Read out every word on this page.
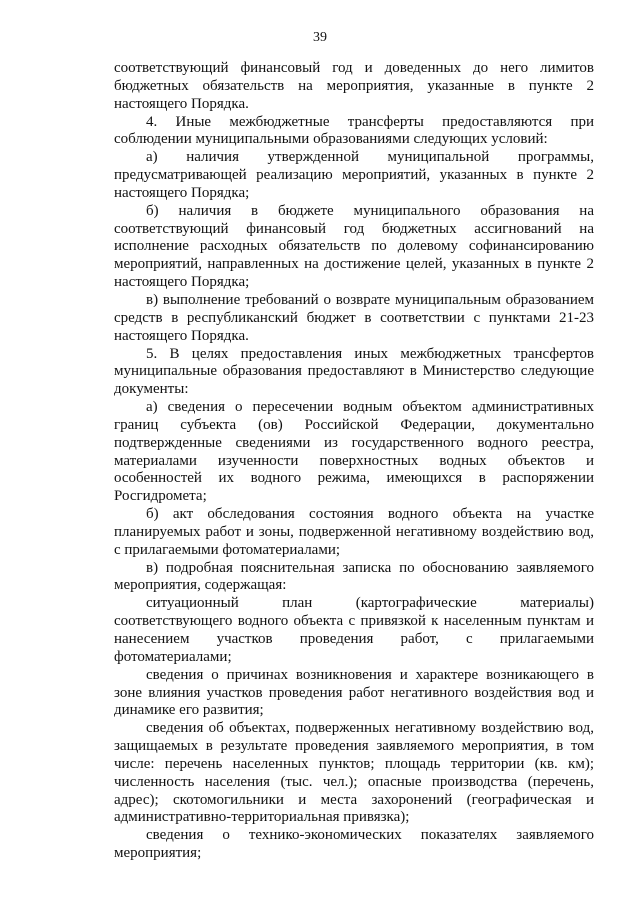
39

соответствующий финансовый год и доведенных до него лимитов бюджетных обязательств на мероприятия, указанные в пункте 2 настоящего Порядка.

4. Иные межбюджетные трансферты предоставляются при соблюдении муниципальными образованиями следующих условий:

а) наличия утвержденной муниципальной программы, предусматривающей реализацию мероприятий, указанных в пункте 2 настоящего Порядка;

б) наличия в бюджете муниципального образования на соответствующий финансовый год бюджетных ассигнований на исполнение расходных обязательств по долевому софинансированию мероприятий, направленных на достижение целей, указанных в пункте 2 настоящего Порядка;

в) выполнение требований о возврате муниципальным образованием средств в республиканский бюджет в соответствии с пунктами 21-23 настоящего Порядка.

5. В целях предоставления иных межбюджетных трансфертов муниципальные образования предоставляют в Министерство следующие документы:

а) сведения о пересечении водным объектом административных границ субъекта (ов) Российской Федерации, документально подтвержденные сведениями из государственного водного реестра, материалами изученности поверхностных водных объектов и особенностей их водного режима, имеющихся в распоряжении Росгидромета;

б) акт обследования состояния водного объекта на участке планируемых работ и зоны, подверженной негативному воздействию вод, с прилагаемыми фотоматериалами;

в) подробная пояснительная записка по обоснованию заявляемого мероприятия, содержащая:

ситуационный план (картографические материалы) соответствующего водного объекта с привязкой к населенным пунктам и нанесением участков проведения работ, с прилагаемыми фотоматериалами;

сведения о причинах возникновения и характере возникающего в зоне влияния участков проведения работ негативного воздействия вод и динамике его развития;

сведения об объектах, подверженных негативному воздействию вод, защищаемых в результате проведения заявляемого мероприятия, в том числе: перечень населенных пунктов; площадь территории (кв. км); численность населения (тыс. чел.); опасные производства (перечень, адрес); скотомогильники и места захоронений (географическая и административно-территориальная привязка);

сведения о технико-экономических показателях заявляемого мероприятия;
